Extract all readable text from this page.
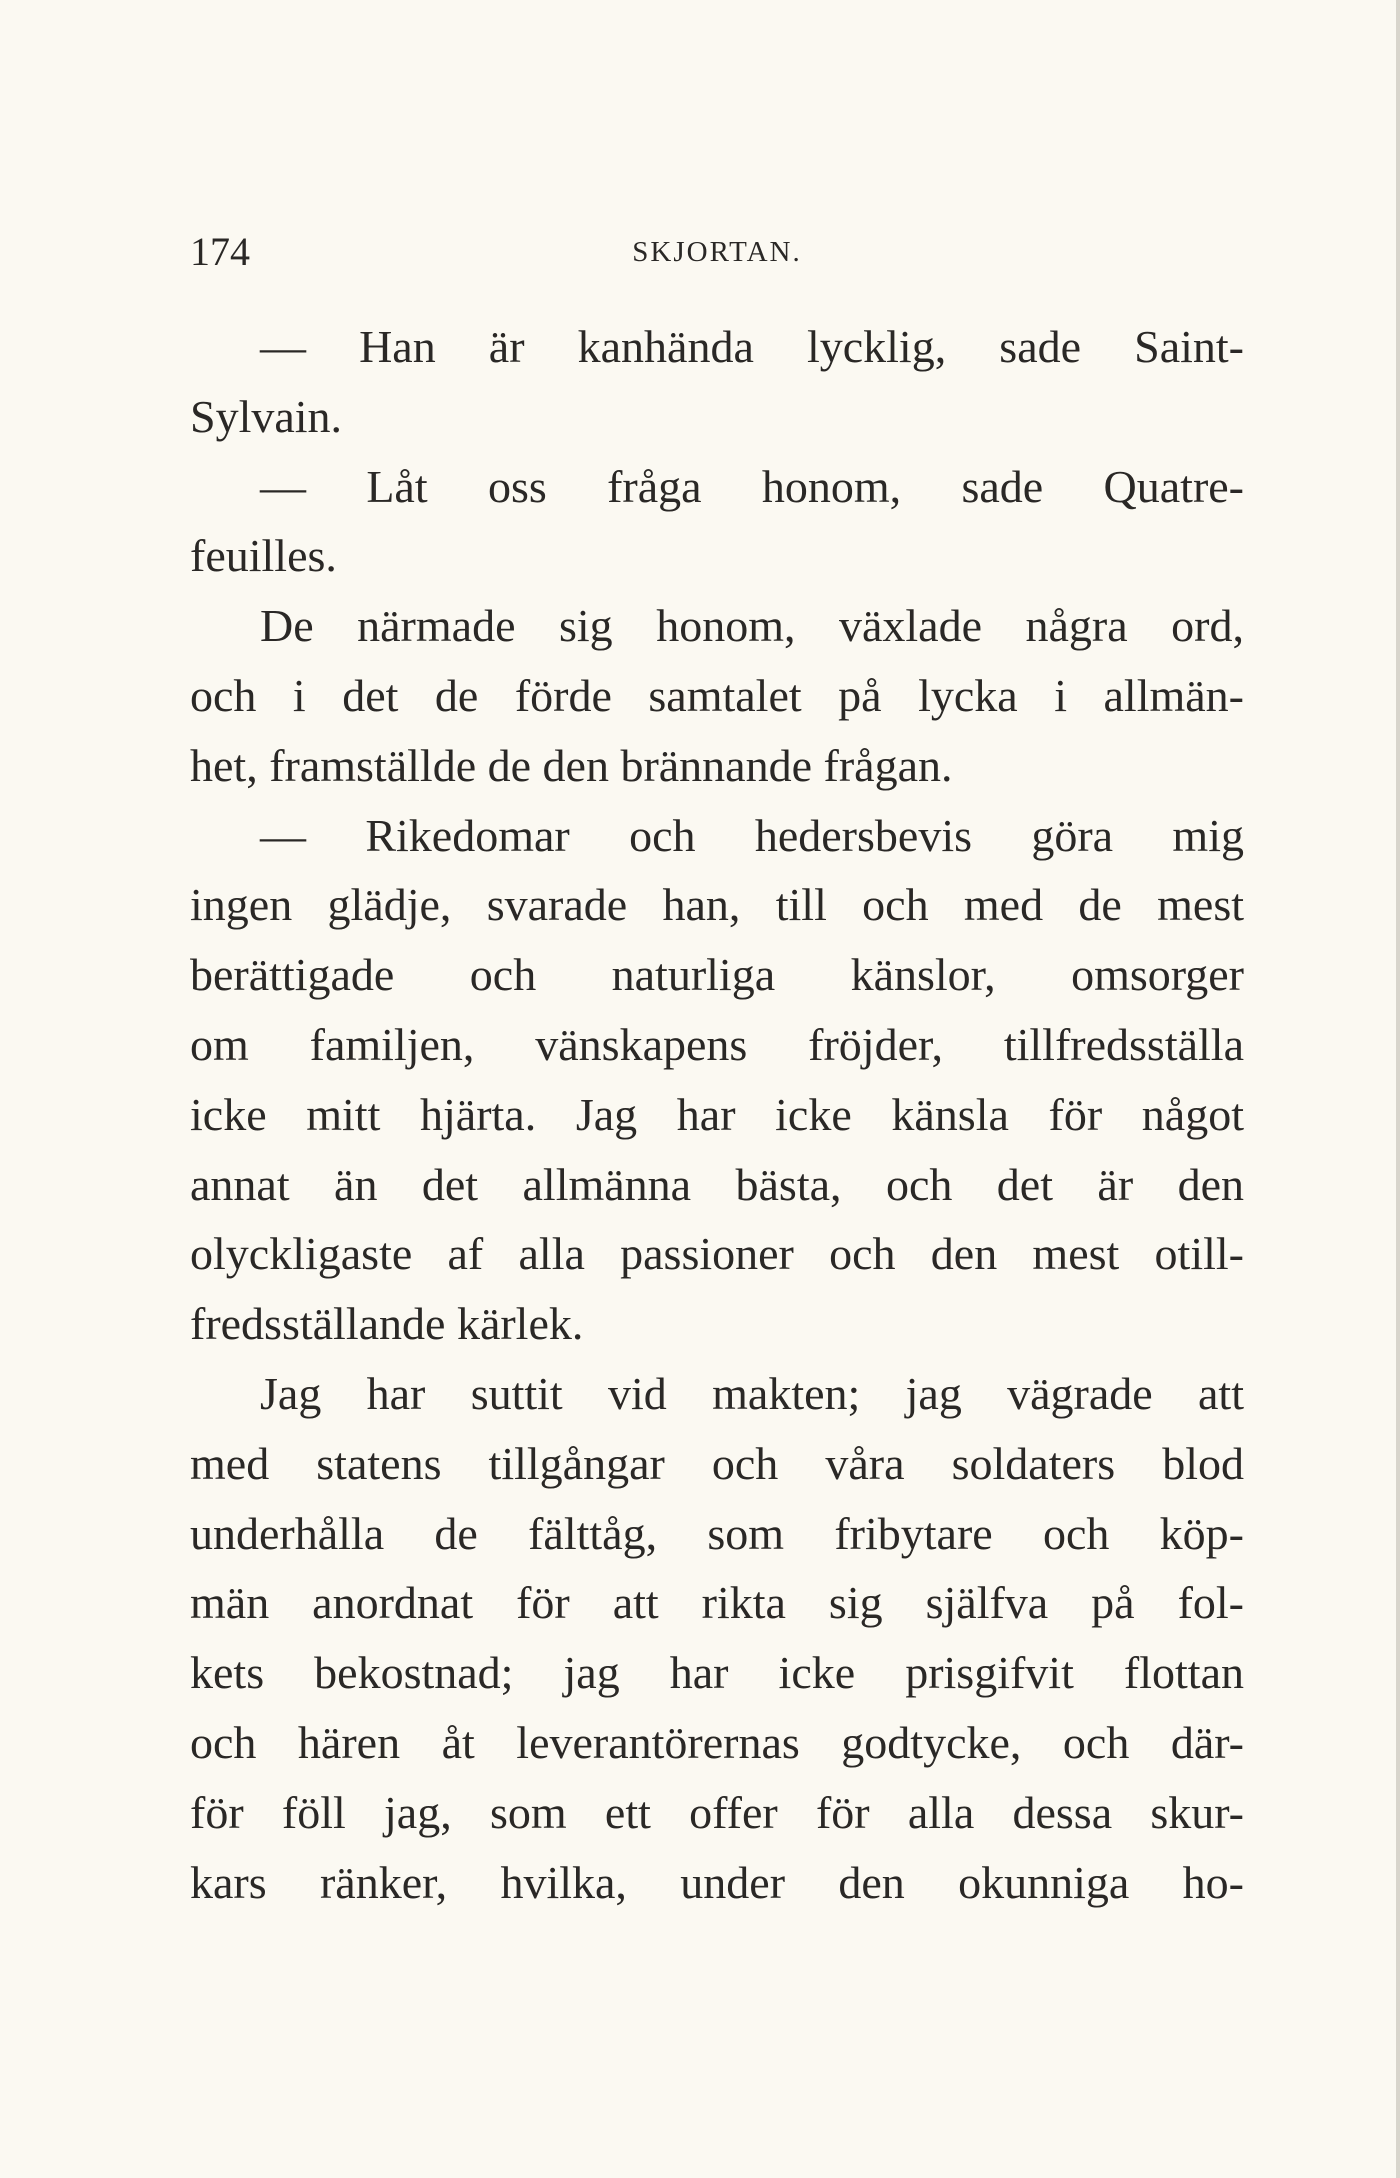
174	SKJORTAN.
— Han är kanhända lycklig, sade Saint-
Sylvain.
— Låt oss fråga honom, sade Quatre-
feuilles.
De närmade sig honom, växlade några ord,
och i det de förde samtalet på lycka i allmän-
het, framställde de den brännande frågan.
— Rikedomar och hedersbevis göra mig
ingen glädje, svarade han, till och med de mest
berättigade och naturliga känslor, omsorger
om familjen, vänskapens fröjder, tillfredsställa
icke mitt hjärta. Jag har icke känsla för något
annat än det allmänna bästa, och det är den
olyckligaste af alla passioner och den mest otill-
fredsställande kärlek.
Jag har suttit vid makten; jag vägrade att
med statens tillgångar och våra soldaters blod
underhålla de fälttåg, som fribytare och köp-
män anordnat för att rikta sig själfva på fol-
kets bekostnad; jag har icke prisgifvit flottan
och hären åt leverantörernas godtycke, och där-
för föll jag, som ett offer för alla dessa skur-
kars ränker, hvilka, under den okunniga ho-
